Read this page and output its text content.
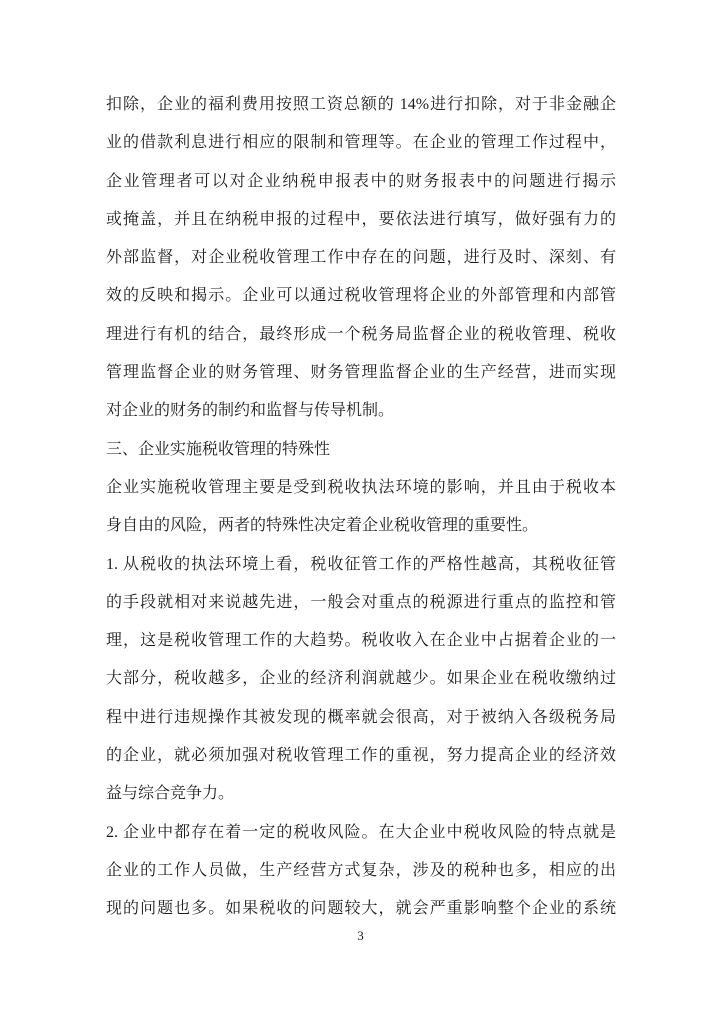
扣除，企业的福利费用按照工资总额的 14%进行扣除，对于非金融企
业的借款利息进行相应的限制和管理等。在企业的管理工作过程中，
企业管理者可以对企业纳税申报表中的财务报表中的问题进行揭示
或掩盖，并且在纳税申报的过程中，要依法进行填写，做好强有力的
外部监督，对企业税收管理工作中存在的问题，进行及时、深刻、有
效的反映和揭示。企业可以通过税收管理将企业的外部管理和内部管
理进行有机的结合，最终形成一个税务局监督企业的税收管理、税收
管理监督企业的财务管理、财务管理监督企业的生产经营，进而实现
对企业的财务的制约和监督与传导机制。
三、企业实施税收管理的特殊性
企业实施税收管理主要是受到税收执法环境的影响，并且由于税收本
身自由的风险，两者的特殊性决定着企业税收管理的重要性。
1. 从税收的执法环境上看，税收征管工作的严格性越高，其税收征管
的手段就相对来说越先进，一般会对重点的税源进行重点的监控和管
理，这是税收管理工作的大趋势。税收收入在企业中占据着企业的一
大部分，税收越多，企业的经济利润就越少。如果企业在税收缴纳过
程中进行违规操作其被发现的概率就会很高，对于被纳入各级税务局
的企业，就必须加强对税收管理工作的重视，努力提高企业的经济效
益与综合竞争力。
2. 企业中都存在着一定的税收风险。在大企业中税收风险的特点就是
企业的工作人员做，生产经营方式复杂，涉及的税种也多，相应的出
现的问题也多。如果税收的问题较大，就会严重影响整个企业的系统
3
